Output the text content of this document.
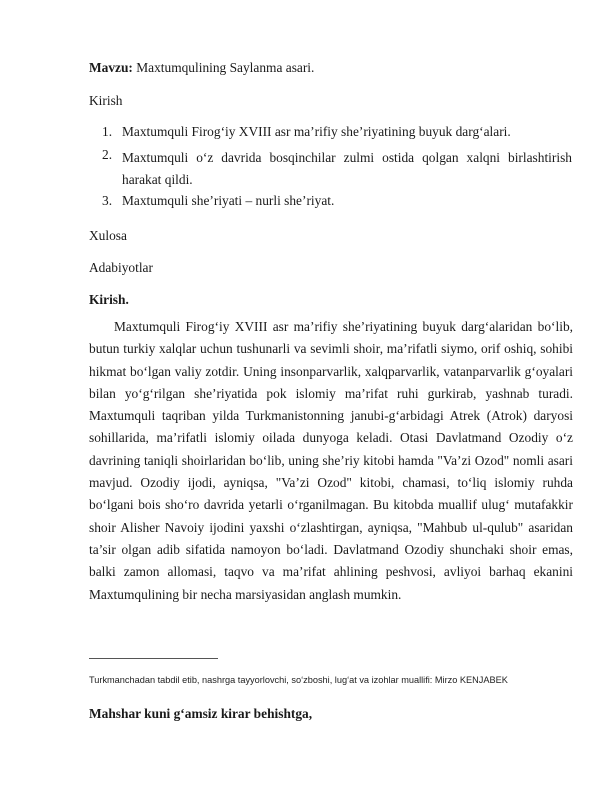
Mavzu: Maxtumqulining Saylanma asari.
Kirish
1. Maxtumquli Firog‘iy XVIII asr ma’rifiy she’riyatining buyuk darg‘alari.
2. Maxtumquli o‘z davrida bosqinchilar zulmi ostida qolgan xalqni birlashtirish harakat qildi.
3. Maxtumquli she’riyati – nurli she’riyat.
Xulosa
Adabiyotlar
Kirish.
Maxtumquli Firog‘iy XVIII asr ma’rifiy she’riyatining buyuk darg‘alaridan bo‘lib, butun turkiy xalqlar uchun tushunarli va sevimli shoir, ma’rifatli siymo, orif oshiq, sohibi hikmat bo‘lgan valiy zotdir. Uning insonparvarlik, xalqparvarlik, vatanparvarlik g‘oyalari bilan yo‘g‘rilgan she’riyatida pok islomiy ma’rifat ruhi gurkirab, yashnab turadi. Maxtumquli taqriban yilda Turkmanistonning janubi-g‘arbidagi Atrek (Atrok) daryosi sohillarida, ma’rifatli islomiy oilada dunyoga keladi. Otasi Davlatmand Ozodiy o‘z davrining taniqli shoirlaridan bo‘lib, uning she’riy kitobi hamda "Va’zi Ozod" nomli asari mavjud. Ozodiy ijodi, ayniqsa, "Va’zi Ozod" kitobi, chamasi, to‘liq islomiy ruhda bo‘lgani bois sho‘ro davrida yetarli o‘rganilmagan. Bu kitobda muallif ulug‘ mutafakkir shoir Alisher Navoiy ijodini yaxshi o‘zlashtirgan, ayniqsa, "Mahbub ul-qulub" asaridan ta’sir olgan adib sifatida namoyon bo‘ladi. Davlatmand Ozodiy shunchaki shoir emas, balki zamon allomasi, taqvo va ma’rifat ahlining peshvosi, avliyoi barhaq ekanini Maxtumqulining bir necha marsiyasidan anglash mumkin.
Turkmanchadan tabdil etib, nashrga tayyorlovchi, so‘zboshi, lug‘at va izohlar muallifi: Mirzo KENJABEK
Mahshar kuni g‘amsiz kirar behishtga,
